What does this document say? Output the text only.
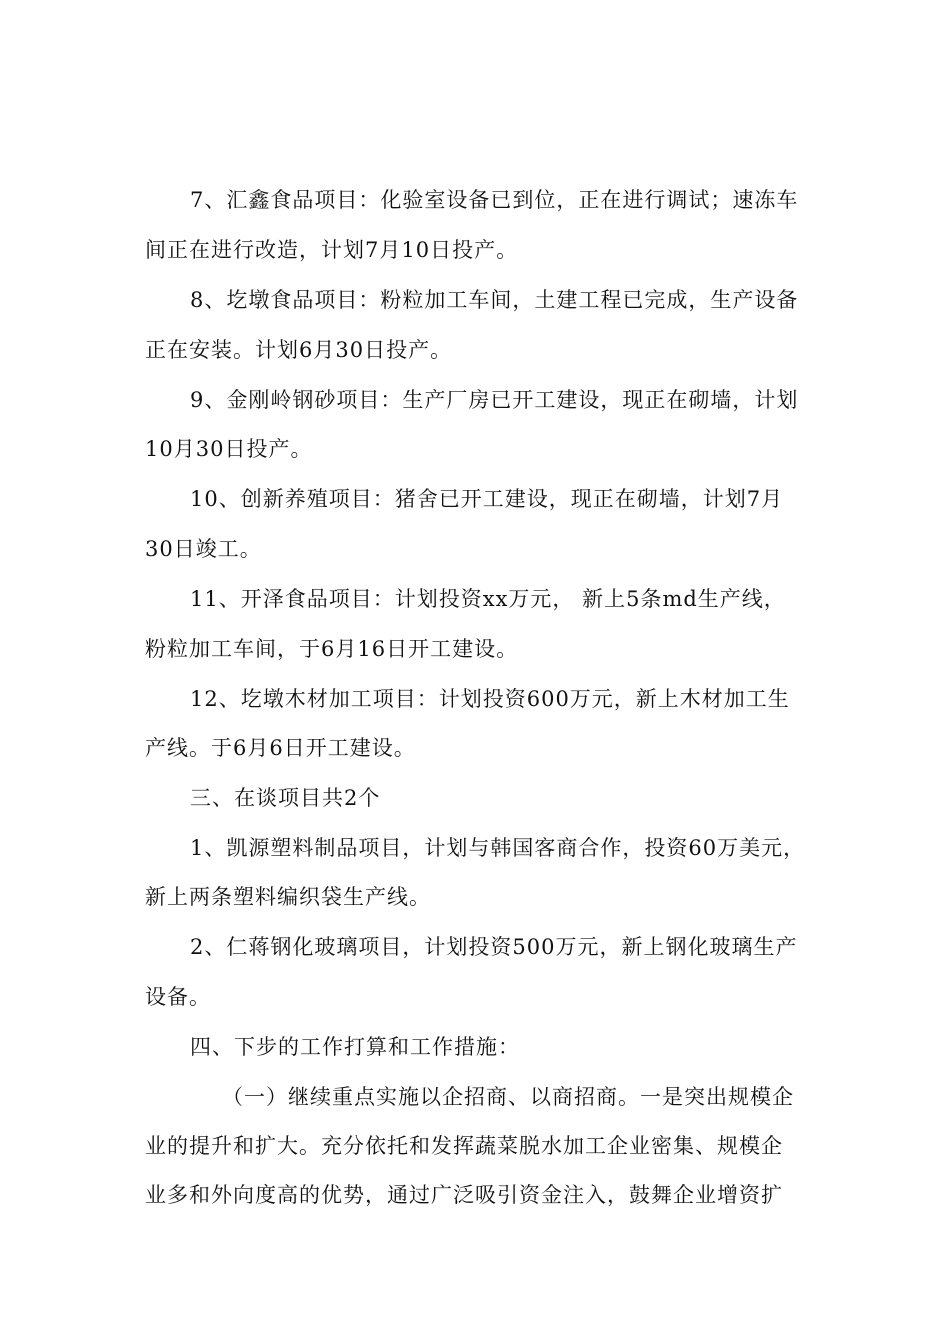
7、汇鑫食品项目：化验室设备已到位，正在进行调试；速冻车
间正在进行改造，计划7月10日投产。
8、圪墩食品项目：粉粒加工车间，土建工程已完成，生产设备
正在安装。计划6月30日投产。
9、金刚岭钢砂项目：生产厂房已开工建设，现正在砌墙，计划
10月30日投产。
10、创新养殖项目：猪舍已开工建设，现正在砌墙，计划7月
30日竣工。
11、开泽食品项目：计划投资xx万元， 新上5条md生产线，
粉粒加工车间，于6月16日开工建设。
12、圪墩木材加工项目：计划投资600万元，新上木材加工生
产线。于6月6日开工建设。
三、在谈项目共2个
1、凯源塑料制品项目，计划与韩国客商合作，投资60万美元，
新上两条塑料编织袋生产线。
2、仁蒋钢化玻璃项目，计划投资500万元，新上钢化玻璃生产
设备。
四、下步的工作打算和工作措施：
（一）继续重点实施以企招商、以商招商。一是突出规模企
业的提升和扩大。充分依托和发挥蔬菜脱水加工企业密集、规模企
业多和外向度高的优势，通过广泛吸引资金注入，鼓舞企业增资扩
